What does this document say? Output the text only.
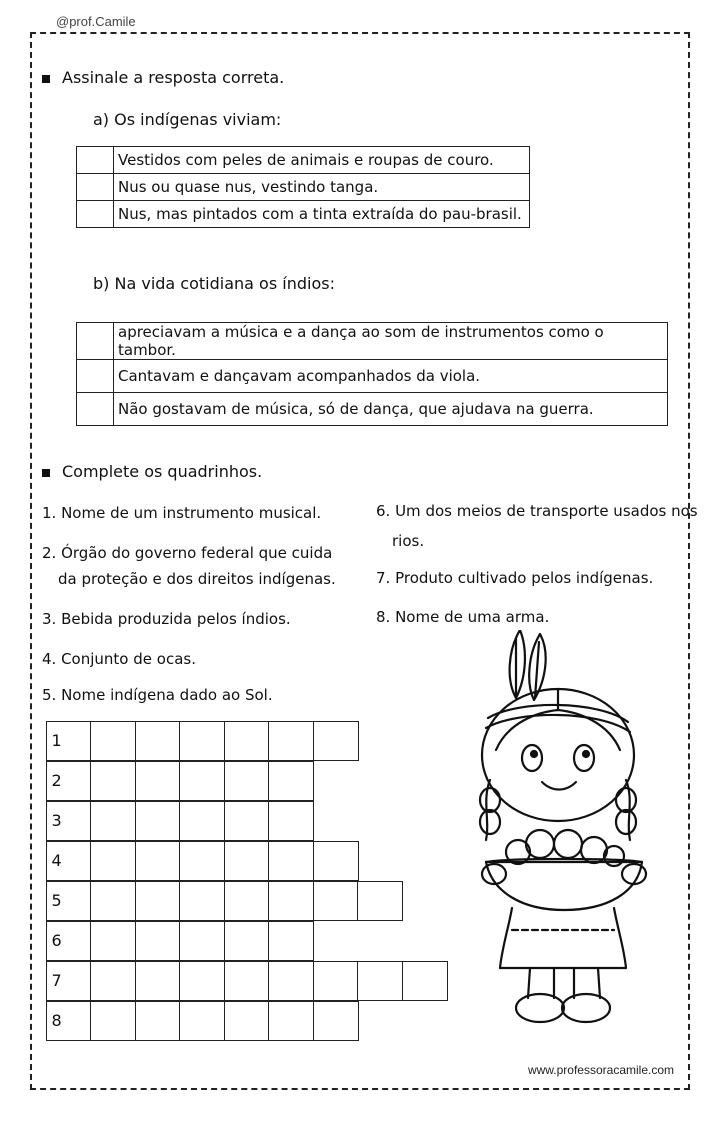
@prof.Camile
Assinale a resposta correta.
a) Os indígenas viviam:
	Vestidos com peles de animais e roupas de couro.
	Nus ou quase nus, vestindo tanga.
	Nus, mas pintados com a tinta extraída do pau-brasil.
b) Na vida cotidiana os índios:
	apreciavam a música e a dança ao som de instrumentos como o tambor.
	Cantavam e dançavam acompanhados da viola.
	Não gostavam de música, só de dança, que ajudava na guerra.
Complete os quadrinhos.
1. Nome de um instrumento musical.
2. Órgão do governo federal que cuida
da proteção e dos direitos indígenas.
3. Bebida produzida pelos índios.
4. Conjunto de ocas.
5. Nome indígena dado ao Sol.
6. Um dos meios de transporte usados nos
rios.
7. Produto cultivado pelos indígenas.
8. Nome de uma arma.
1
2
3
4
5
6
7
8
www.professoracamile.com
